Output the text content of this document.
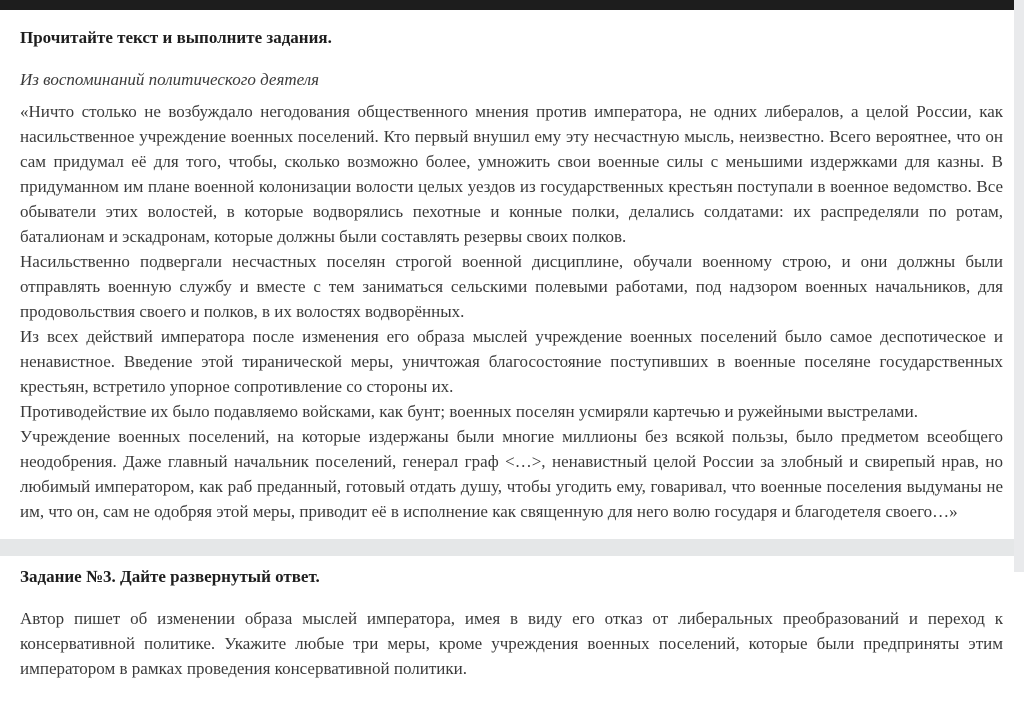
Прочитайте текст и выполните задания.

Из воспоминаний политического деятеля

«Ничто столько не возбуждало негодования общественного мнения против императора, не одних либералов, а целой России, как насильственное учреждение военных поселений. Кто первый внушил ему эту несчастную мысль, неизвестно. Всего вероятнее, что он сам придумал её для того, чтобы, сколько возможно более, умножить свои военные силы с меньшими издержками для казны. В придуманном им плане военной колонизации волости целых уездов из государственных крестьян поступали в военное ведомство. Все обыватели этих волостей, в которые водворялись пехотные и конные полки, делались солдатами: их распределяли по ротам, баталионам и эскадронам, которые должны были составлять резервы своих полков.

Насильственно подвергали несчастных поселян строгой военной дисциплине, обучали военному строю, и они должны были отправлять военную службу и вместе с тем заниматься сельскими полевыми работами, под надзором военных начальников, для продовольствия своего и полков, в их волостях водворённых.

Из всех действий императора после изменения его образа мыслей учреждение военных поселений было самое деспотическое и ненавистное. Введение этой тиранической меры, уничтожая благосостояние поступивших в военные поселяне государственных крестьян, встретило упорное сопротивление со стороны их.

Противодействие их было подавляемо войсками, как бунт; военных поселян усмиряли картечью и ружейными выстрелами.

Учреждение военных поселений, на которые издержаны были многие миллионы без всякой пользы, было предметом всеобщего неодобрения. Даже главный начальник поселений, генерал граф <…>, ненавистный целой России за злобный и свирепый нрав, но любимый императором, как раб преданный, готовый отдать душу, чтобы угодить ему, говаривал, что военные поселения выдуманы не им, что он, сам не одобряя этой меры, приводит её в исполнение как священную для него волю государя и благодетеля своего…»

Задание №3. Дайте развернутый ответ.

Автор пишет об изменении образа мыслей императора, имея в виду его отказ от либеральных преобразований и переход к консервативной политике. Укажите любые три меры, кроме учреждения военных поселений, которые были предприняты этим императором в рамках проведения консервативной политики.
